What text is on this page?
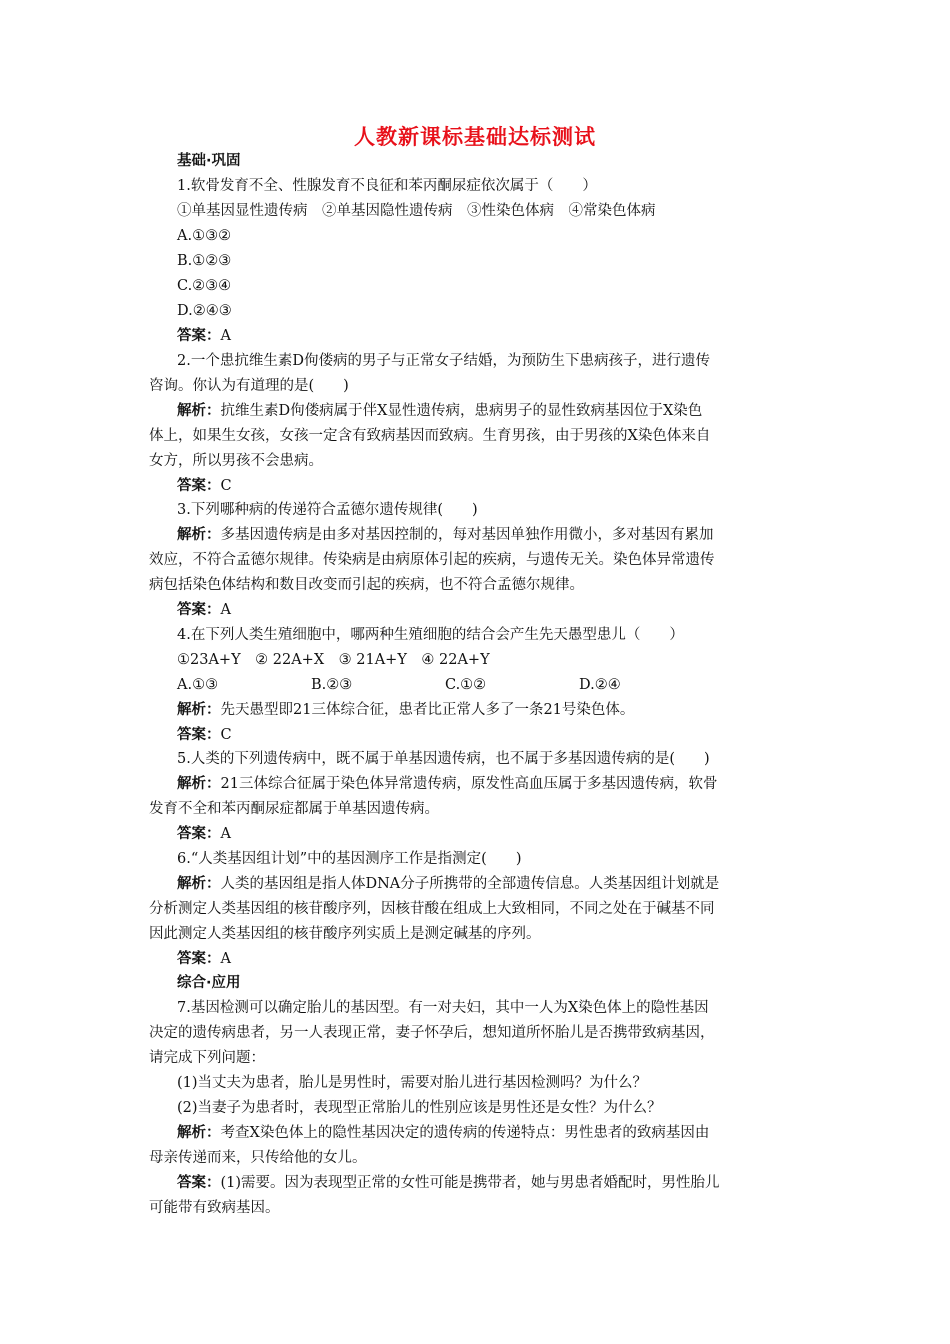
人教新课标基础达标测试
基础·巩固
1.软骨发育不全、性腺发育不良征和苯丙酮尿症依次属于（　　）
①单基因显性遗传病　②单基因隐性遗传病　③性染色体病　④常染色体病
A.①③②
B.①②③
C.②③④
D.②④③
答案：A
2.一个患抗维生素D佝偻病的男子与正常女子结婚，为预防生下患病孩子，进行遗传
咨询。你认为有道理的是(　　)
解析：抗维生素D佝偻病属于伴X显性遗传病，患病男子的显性致病基因位于X染色
体上，如果生女孩，女孩一定含有致病基因而致病。生育男孩，由于男孩的X染色体来自
女方，所以男孩不会患病。
答案：C
3.下列哪种病的传递符合孟德尔遗传规律(　　)
解析：多基因遗传病是由多对基因控制的，每对基因单独作用微小，多对基因有累加
效应，不符合孟德尔规律。传染病是由病原体引起的疾病，与遗传无关。染色体异常遗传
病包括染色体结构和数目改变而引起的疾病，也不符合孟德尔规律。
答案：A
4.在下列人类生殖细胞中，哪两种生殖细胞的结合会产生先天愚型患儿（　　）
①23A+Y　② 22A+X　③ 21A+Y　④ 22A+Y
A.①③	B.②③	C.①②	D.②④
解析：先天愚型即21三体综合征，患者比正常人多了一条21号染色体。
答案：C
5.人类的下列遗传病中，既不属于单基因遗传病，也不属于多基因遗传病的是(　　)
解析：21三体综合征属于染色体异常遗传病，原发性高血压属于多基因遗传病，软骨
发育不全和苯丙酮尿症都属于单基因遗传病。
答案：A
6.“人类基因组计划”中的基因测序工作是指测定(　　)
解析：人类的基因组是指人体DNA分子所携带的全部遗传信息。人类基因组计划就是
分析测定人类基因组的核苷酸序列，因核苷酸在组成上大致相同，不同之处在于碱基不同
因此测定人类基因组的核苷酸序列实质上是测定碱基的序列。
答案：A
综合·应用
7.基因检测可以确定胎儿的基因型。有一对夫妇，其中一人为X染色体上的隐性基因
决定的遗传病患者，另一人表现正常，妻子怀孕后，想知道所怀胎儿是否携带致病基因，
请完成下列问题：
(1)当丈夫为患者，胎儿是男性时，需要对胎儿进行基因检测吗？为什么？
(2)当妻子为患者时，表现型正常胎儿的性别应该是男性还是女性？为什么？
解析：考查X染色体上的隐性基因决定的遗传病的传递特点：男性患者的致病基因由
母亲传递而来，只传给他的女儿。
答案：(1)需要。因为表现型正常的女性可能是携带者，她与男患者婚配时，男性胎儿
可能带有致病基因。
